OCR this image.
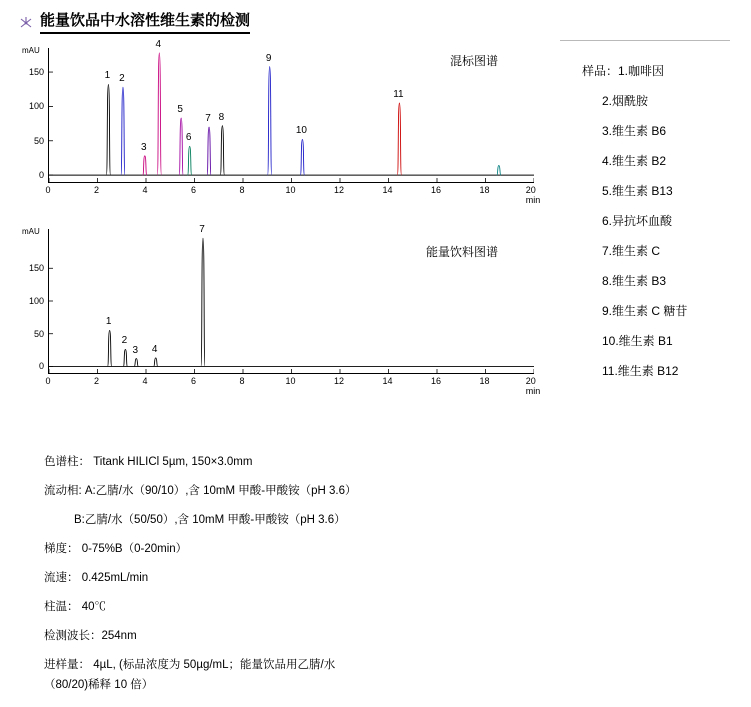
能量饮品中水溶性维生素的检测
mAU
混标图谱
0	2	4	6	8	10	12	14	16	18	20 min
0
50
100
150	1 2
3
4
5
6
7 8
9
10
11
mAU
能量饮料图谱
0	2	4	6	8	10	12	14	16	18	20 min
0
50
100
150
1
2
3 4
7
样品：1.咖啡因
2.烟酰胺
3.维生素 B6
4.维生素 B2
5.维生素 B13
6.异抗坏血酸
7.维生素 C
8.维生素 B3
9.维生素 C 糖苷
10.维生素 B1
11.维生素 B12
色谱柱： Titank HILICl 5µm, 150×3.0mm
流动相: A:乙腈/水（90/10）,含 10mM 甲酸-甲酸铵（pH 3.6）
B:乙腈/水（50/50）,含 10mM 甲酸-甲酸铵（pH 3.6）
梯度： 0-75%B（0-20min）
流速： 0.425mL/min
柱温： 40℃
检测波长：254nm
进样量： 4µL, (标品浓度为 50µg/mL；能量饮品用乙腈/水
（80/20)稀释 10 倍）
